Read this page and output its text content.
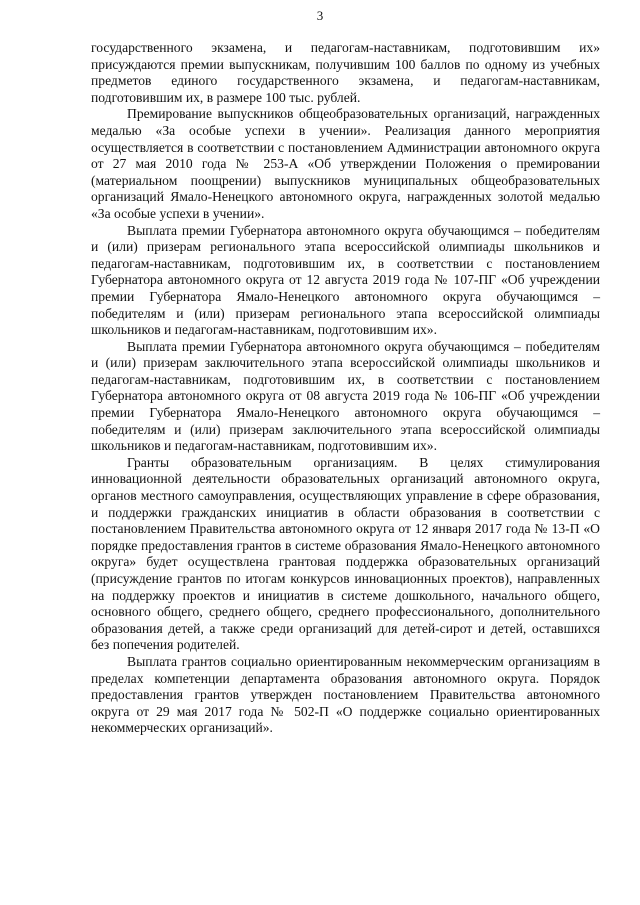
3

государственного экзамена, и педагогам-наставникам, подготовившим их» присуждаются премии выпускникам, получившим 100 баллов по одному из учебных предметов единого государственного экзамена, и педагогам-наставникам, подготовившим их, в размере 100 тыс. рублей.

Премирование выпускников общеобразовательных организаций, награжденных медалью «За особые успехи в учении». Реализация данного мероприятия осуществляется в соответствии с постановлением Администрации автономного округа от 27 мая 2010 года № 253-А «Об утверждении Положения о премировании (материальном поощрении) выпускников муниципальных общеобразовательных организаций Ямало-Ненецкого автономного округа, награжденных золотой медалью «За особые успехи в учении».

Выплата премии Губернатора автономного округа обучающимся – победителям и (или) призерам регионального этапа всероссийской олимпиады школьников и педагогам-наставникам, подготовившим их, в соответствии с постановлением Губернатора автономного округа от 12 августа 2019 года № 107-ПГ «Об учреждении премии Губернатора Ямало-Ненецкого автономного округа обучающимся – победителям и (или) призерам регионального этапа всероссийской олимпиады школьников и педагогам-наставникам, подготовившим их».

Выплата премии Губернатора автономного округа обучающимся – победителям и (или) призерам заключительного этапа всероссийской олимпиады школьников и педагогам-наставникам, подготовившим их, в соответствии с постановлением Губернатора автономного округа от 08 августа 2019 года № 106-ПГ «Об учреждении премии Губернатора Ямало-Ненецкого автономного округа обучающимся – победителям и (или) призерам заключительного этапа всероссийской олимпиады школьников и педагогам-наставникам, подготовившим их».

Гранты образовательным организациям. В целях стимулирования инновационной деятельности образовательных организаций автономного округа, органов местного самоуправления, осуществляющих управление в сфере образования, и поддержки гражданских инициатив в области образования в соответствии с постановлением Правительства автономного округа от 12 января 2017 года № 13-П «О порядке предоставления грантов в системе образования Ямало-Ненецкого автономного округа» будет осуществлена грантовая поддержка образовательных организаций (присуждение грантов по итогам конкурсов инновационных проектов), направленных на поддержку проектов и инициатив в системе дошкольного, начального общего, основного общего, среднего общего, среднего профессионального, дополнительного образования детей, а также среди организаций для детей-сирот и детей, оставшихся без попечения родителей.

Выплата грантов социально ориентированным некоммерческим организациям в пределах компетенции департамента образования автономного округа. Порядок предоставления грантов утвержден постановлением Правительства автономного округа от 29 мая 2017 года № 502-П «О поддержке социально ориентированных некоммерческих организаций».
